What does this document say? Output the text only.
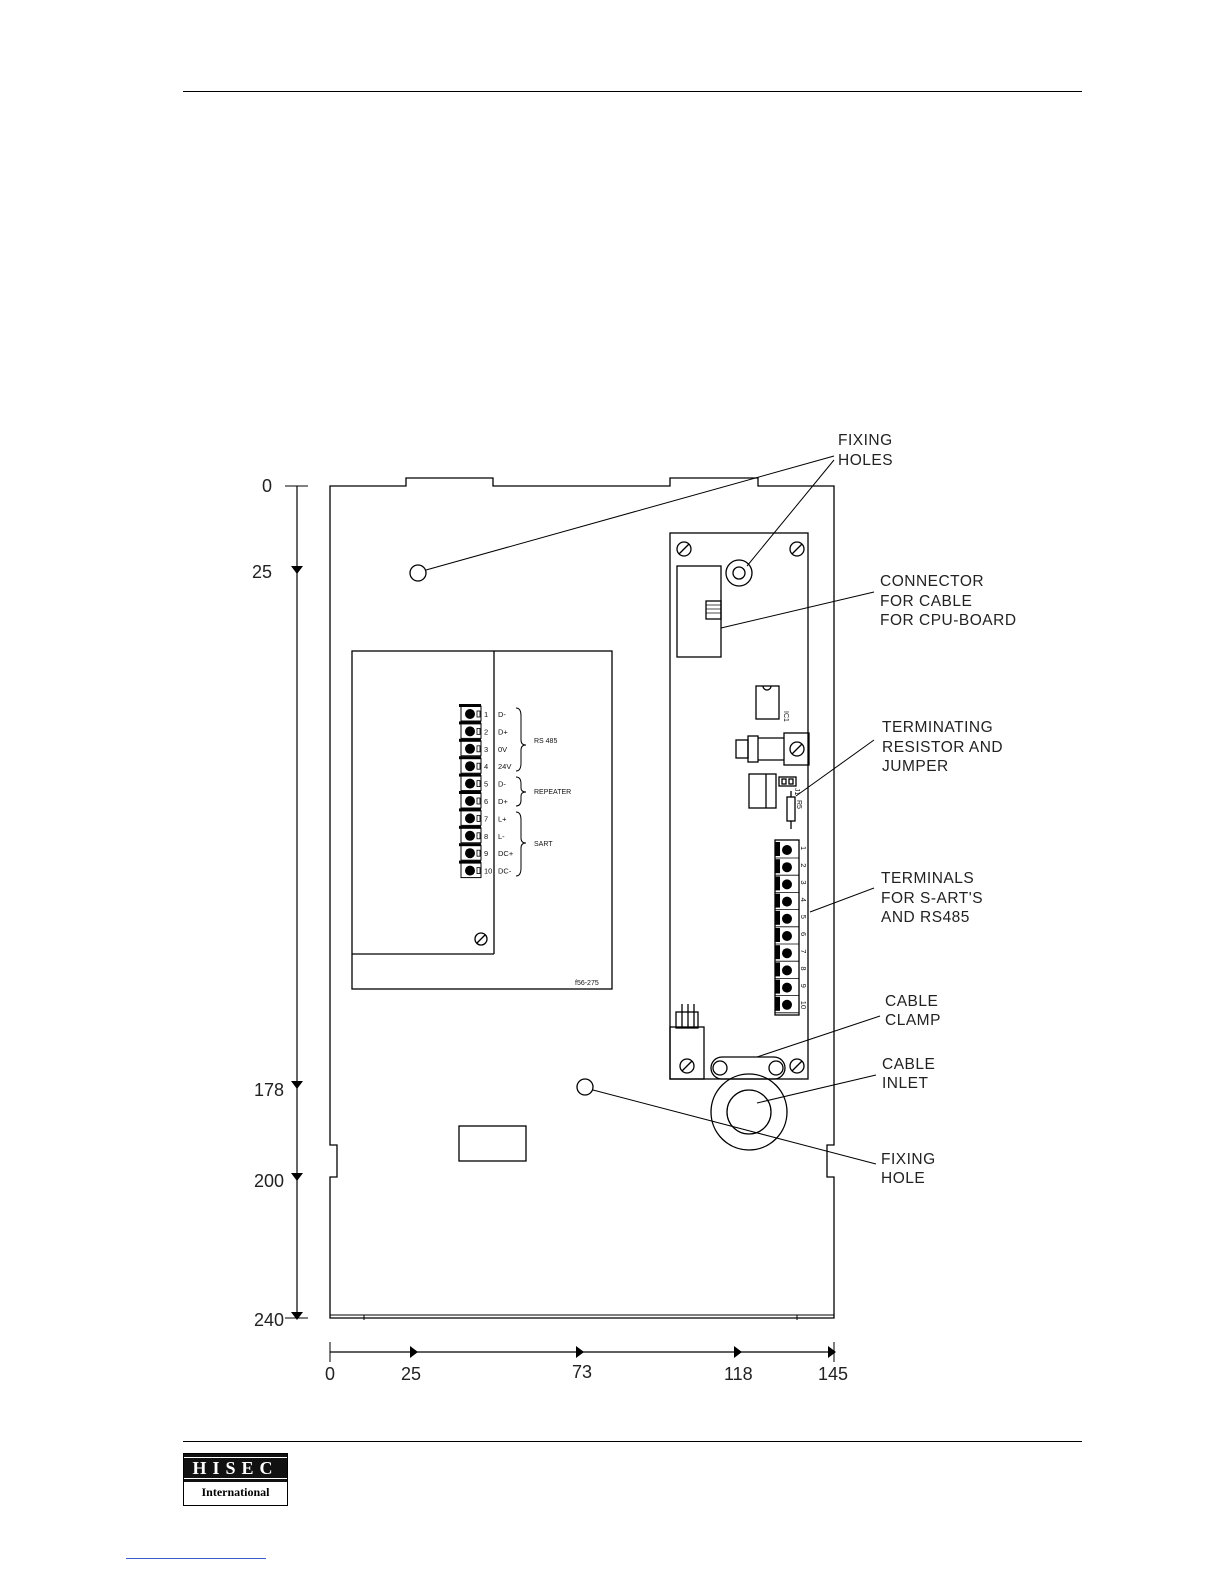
1 D-
2 D+
3 0V
4 24V
5 D-
6 D+
7 L+
8 L-
9 DC+
10 DC-
1
2
3
4
5
6
7
8
9
10
RS 485
REPEATER
SART
f56-275
IC1
J1
R5
0
25
178
200
240
0	25	73	118	145
FIXING
HOLES
CONNECTOR
FOR CABLE
FOR CPU-BOARD
TERMINATING
RESISTOR AND
JUMPER
TERMINALS
FOR S-ART'S
AND RS485
CABLE
CLAMP
CABLE
INLET
FIXING
HOLE
HISEC
International
